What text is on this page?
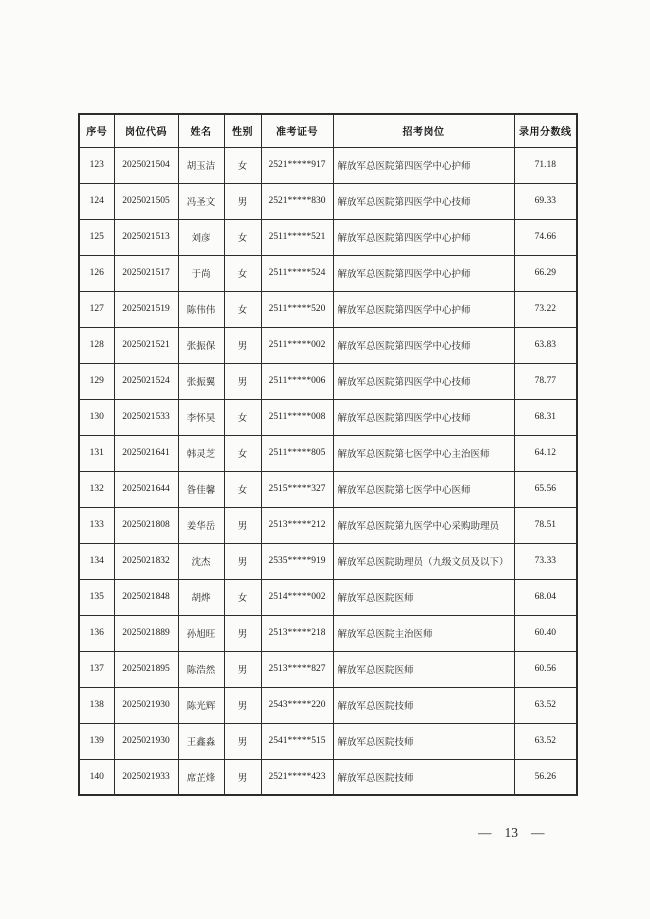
序号	岗位代码	姓名	性别	准考证号	招考岗位	录用分数线
123	2025021504	胡玉洁	女	2521*****917	解放军总医院第四医学中心护师	71.18
124	2025021505	冯圣文	男	2521*****830	解放军总医院第四医学中心技师	69.33
125	2025021513	刘彦	女	2511*****521	解放军总医院第四医学中心护师	74.66
126	2025021517	于尚	女	2511*****524	解放军总医院第四医学中心护师	66.29
127	2025021519	陈伟伟	女	2511*****520	解放军总医院第四医学中心护师	73.22
128	2025021521	张振保	男	2511*****002	解放军总医院第四医学中心技师	63.83
129	2025021524	张振翼	男	2511*****006	解放军总医院第四医学中心技师	78.77
130	2025021533	李怀昊	女	2511*****008	解放军总医院第四医学中心技师	68.31
131	2025021641	韩灵芝	女	2511*****805	解放军总医院第七医学中心主治医师	64.12
132	2025021644	昝佳馨	女	2515*****327	解放军总医院第七医学中心医师	65.56
133	2025021808	姜华岳	男	2513*****212	解放军总医院第九医学中心采购助理员	78.51
134	2025021832	沈杰	男	2535*****919	解放军总医院助理员（九级文员及以下）	73.33
135	2025021848	胡烨	女	2514*****002	解放军总医院医师	68.04
136	2025021889	孙旭旺	男	2513*****218	解放军总医院主治医师	60.40
137	2025021895	陈浩然	男	2513*****827	解放军总医院医师	60.56
138	2025021930	陈光辉	男	2543*****220	解放军总医院技师	63.52
139	2025021930	王鑫淼	男	2541*****515	解放军总医院技师	63.52
140	2025021933	席芷烽	男	2521*****423	解放军总医院技师	56.26
— 13 —
